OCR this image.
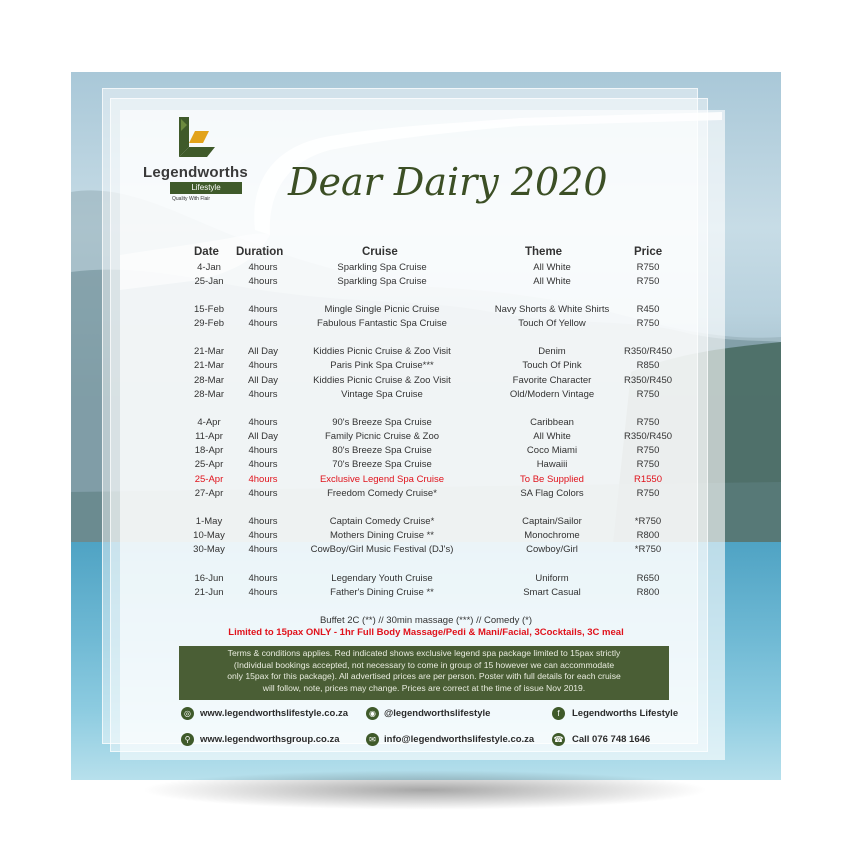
Legendworths
Lifestyle
Quality With Flair Dear Dairy 2020
Date Duration	Cruise	Theme	Price
4-Jan	4hours	Sparkling Spa Cruise	All White	R750
25-Jan	4hours	Sparkling Spa Cruise	All White	R750
15-Feb	4hours	Mingle Single Picnic Cruise	Navy Shorts & White Shirts	R450
29-Feb	4hours	Fabulous Fantastic Spa Cruise	Touch Of Yellow	R750
21-Mar	All Day	Kiddies Picnic Cruise & Zoo Visit	Denim	R350/R450
21-Mar	4hours	Paris Pink Spa Cruise***	Touch Of Pink	R850
28-Mar	All Day	Kiddies Picnic Cruise & Zoo Visit	Favorite Character	R350/R450
28-Mar	4hours	Vintage Spa Cruise	Old/Modern Vintage	R750
4-Apr	4hours	90's Breeze Spa Cruise	Caribbean	R750
11-Apr	All Day	Family Picnic Cruise & Zoo	All White	R350/R450
18-Apr	4hours	80's Breeze Spa Cruise	Coco Miami	R750
25-Apr	4hours	70's Breeze Spa Cruise	Hawaiii	R750
25-Apr	4hours	Exclusive Legend Spa Cruise	To Be Supplied	R1550
27-Apr	4hours	Freedom Comedy Cruise*	SA Flag Colors	R750
1-May	4hours	Captain Comedy Cruise*	Captain/Sailor	*R750
10-May 4hours	Mothers Dining Cruise **	Monochrome	R800
30-May 4hours	CowBoy/Girl Music Festival (DJ's)	Cowboy/Girl	*R750
16-Jun	4hours	Legendary Youth Cruise	Uniform	R650
21-Jun	4hours	Father's Dining Cruise **	Smart Casual	R800
Buffet 2C (**) // 30min massage (***) // Comedy (*)
Limited to 15pax ONLY - 1hr Full Body Massage/Pedi & Mani/Facial, 3Cocktails, 3C meal
Terms & conditions applies. Red indicated shows exclusive legend spa package limited to 15pax strictly
(Individual bookings accepted, not necessary to come in group of 15 however we can accommodate
only 15pax for this package). All advertised prices are per person. Poster with full details for each cruise
will follow, note, prices may change. Prices are correct at the time of issue Nov 2019.
◎ www.legendworthslifestyle.co.za	◉ @legendworthslifestyle	f	Legendworths Lifestyle
⚲	www.legendworthsgroup.co.za	✉ info@legendworthslifestyle.co.za ☎ Call 076 748 1646
